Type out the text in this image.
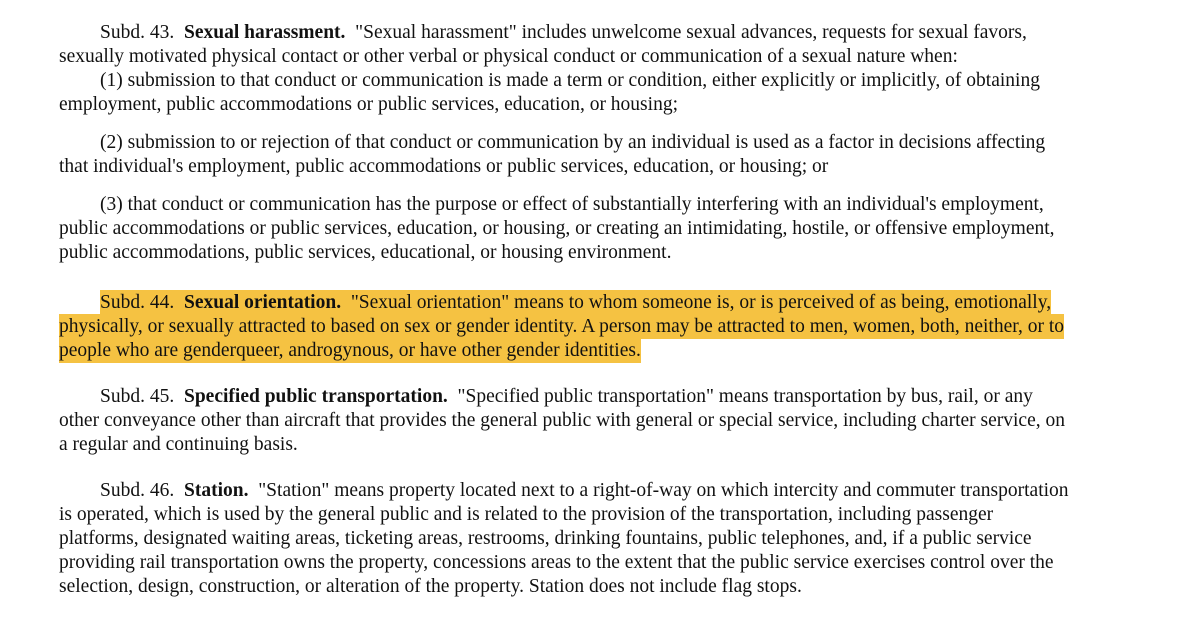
Subd. 43. Sexual harassment. "Sexual harassment" includes unwelcome sexual advances, requests for sexual favors, sexually motivated physical contact or other verbal or physical conduct or communication of a sexual nature when:

(1) submission to that conduct or communication is made a term or condition, either explicitly or implicitly, of obtaining employment, public accommodations or public services, education, or housing;

(2) submission to or rejection of that conduct or communication by an individual is used as a factor in decisions affecting that individual's employment, public accommodations or public services, education, or housing; or

(3) that conduct or communication has the purpose or effect of substantially interfering with an individual's employment, public accommodations or public services, education, or housing, or creating an intimidating, hostile, or offensive employment, public accommodations, public services, educational, or housing environment.

Subd. 44. Sexual orientation. "Sexual orientation" means to whom someone is, or is perceived of as being, emotionally, physically, or sexually attracted to based on sex or gender identity. A person may be attracted to men, women, both, neither, or to people who are genderqueer, androgynous, or have other gender identities.

Subd. 45. Specified public transportation. "Specified public transportation" means transportation by bus, rail, or any other conveyance other than aircraft that provides the general public with general or special service, including charter service, on a regular and continuing basis.

Subd. 46. Station. "Station" means property located next to a right-of-way on which intercity and commuter transportation is operated, which is used by the general public and is related to the provision of the transportation, including passenger platforms, designated waiting areas, ticketing areas, restrooms, drinking fountains, public telephones, and, if a public service providing rail transportation owns the property, concessions areas to the extent that the public service exercises control over the selection, design, construction, or alteration of the property. Station does not include flag stops.
